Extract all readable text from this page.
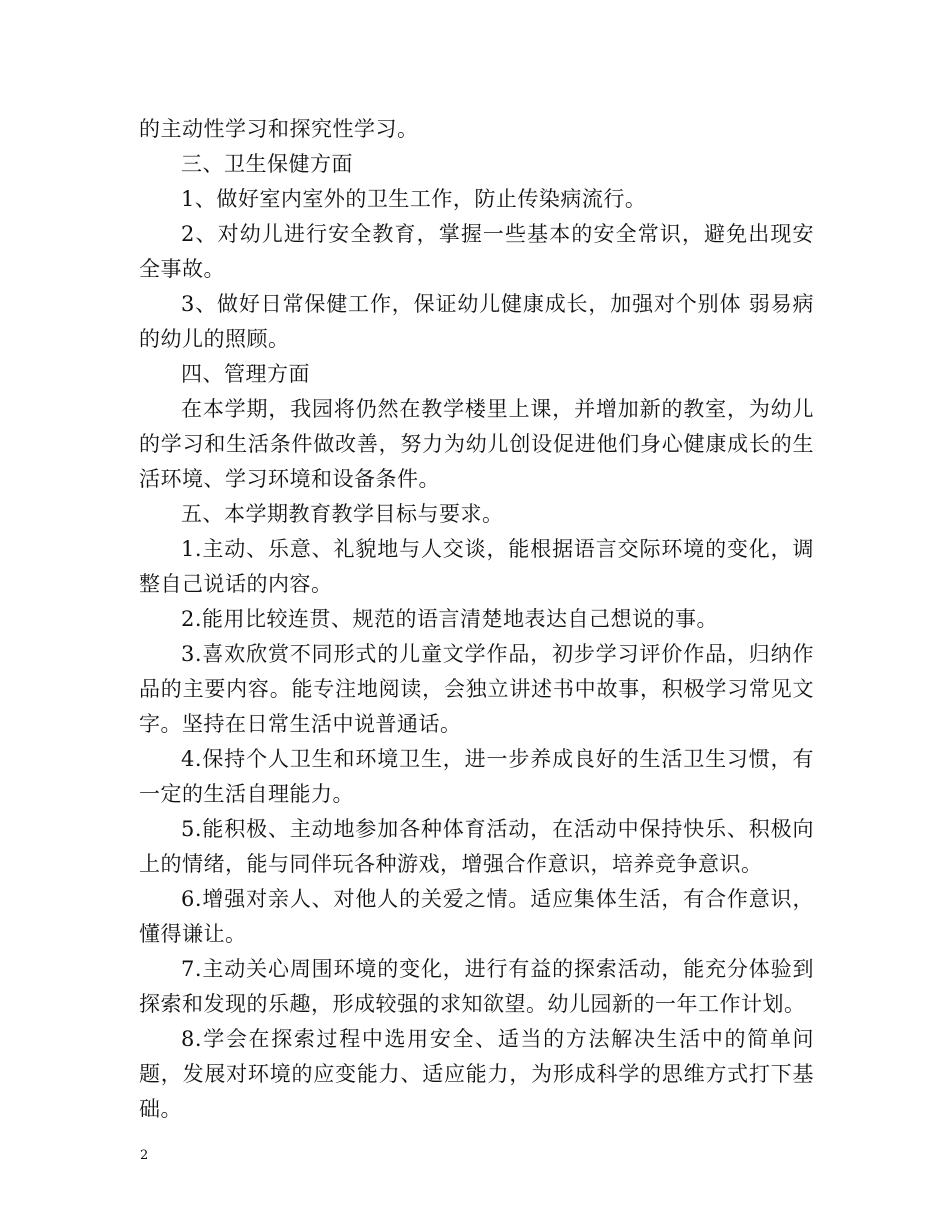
的主动性学习和探究性学习。

三、卫生保健方面

1、做好室内室外的卫生工作，防止传染病流行。

2、对幼儿进行安全教育，掌握一些基本的安全常识，避免出现安全事故。

3、做好日常保健工作，保证幼儿健康成长，加强对个别体 弱易病的幼儿的照顾。

四、管理方面

在本学期，我园将仍然在教学楼里上课，并增加新的教室，为幼儿的学习和生活条件做改善，努力为幼儿创设促进他们身心健康成长的生活环境、学习环境和设备条件。

五、本学期教育教学目标与要求。

1.主动、乐意、礼貌地与人交谈，能根据语言交际环境的变化，调整自己说话的内容。

2.能用比较连贯、规范的语言清楚地表达自己想说的事。

3.喜欢欣赏不同形式的儿童文学作品，初步学习评价作品，归纳作品的主要内容。能专注地阅读，会独立讲述书中故事，积极学习常见文字。坚持在日常生活中说普通话。

4.保持个人卫生和环境卫生，进一步养成良好的生活卫生习惯，有一定的生活自理能力。

5.能积极、主动地参加各种体育活动，在活动中保持快乐、积极向上的情绪，能与同伴玩各种游戏，增强合作意识，培养竞争意识。

6.增强对亲人、对他人的关爱之情。适应集体生活，有合作意识，懂得谦让。

7.主动关心周围环境的变化，进行有益的探索活动，能充分体验到探索和发现的乐趣，形成较强的求知欲望。幼儿园新的一年工作计划。

8.学会在探索过程中选用安全、适当的方法解决生活中的简单问题，发展对环境的应变能力、适应能力，为形成科学的思维方式打下基础。

2
